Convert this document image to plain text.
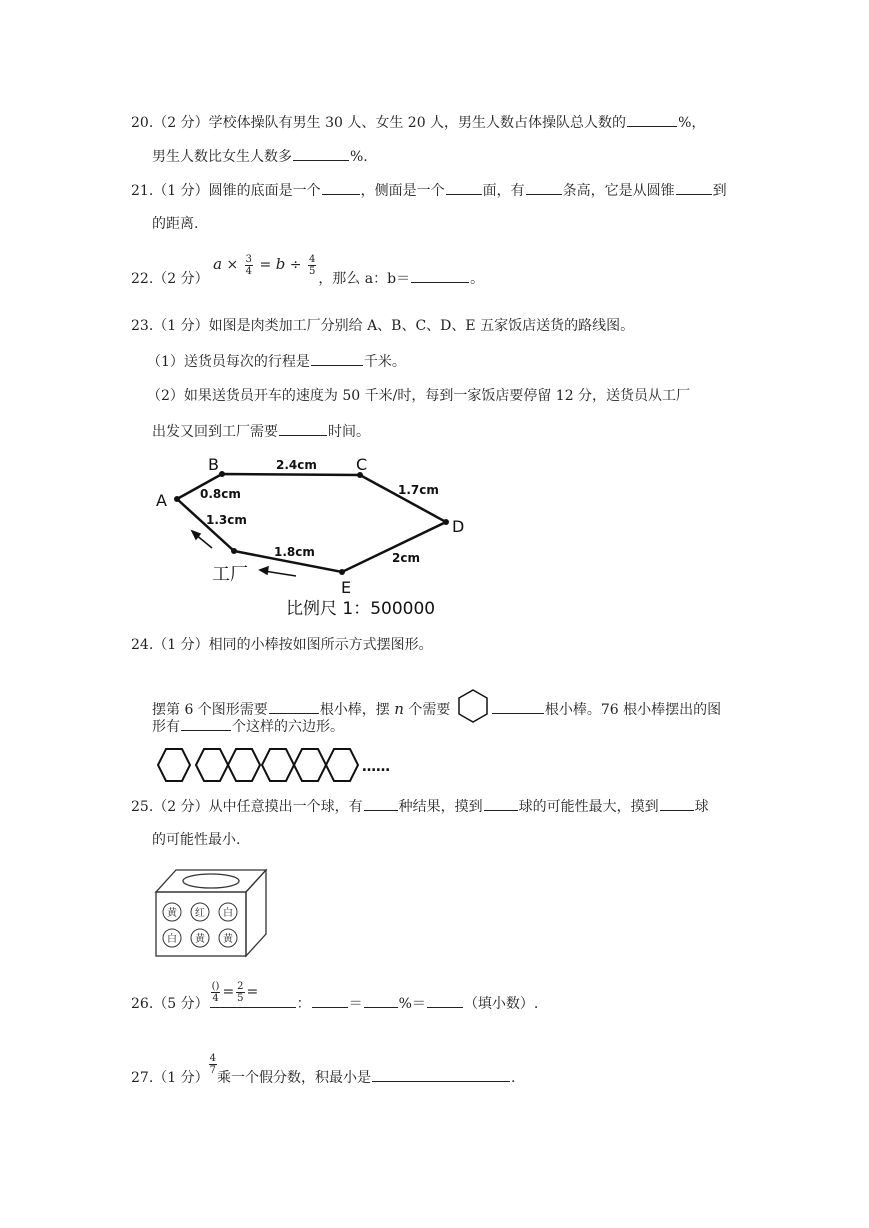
20.（2 分）学校体操队有男生 30 人、女生 20 人，男生人数占体操队总人数的	%，
男生人数比女生人数多	%.
21.（1 分）圆锥的底面是一个	，侧面是一个	面，有	条高，它是从圆锥	到
的距离.
22.（2 分） $a \times \frac{3}{4} = b \div \frac{4}{5}$
，那么 a：b＝	。
23.（1 分）如图是肉类加工厂分别给 A、B、C、D、E 五家饭店送货的路线图。
（1）送货员每次的行程是	千米。
（2）如果送货员开车的速度为 50 千米/时，每到一家饭店要停留 12 分，送货员从工厂
出发又回到工厂需要	时间。
A
B	C
D
E
0.8cm
2.4cm
1.7cm
2cm
1.8cm
1.3cm
工厂
比例尺 1：500000
24.（1 分）相同的小棒按如图所示方式摆图形。
摆第 6 个图形需要	根小棒，摆 n 个需要	根小棒。76 根小棒摆出的图
形有	个这样的六边形。
……
25.（2 分）从中任意摸出一个球，有	种结果，摸到	球的可能性最大，摸到	球
的可能性最小.
黄 红 白
白 黄 黄
26.（5 分）
$\frac{()}{4} = \frac{2}{5}$ =
：	＝	%＝	（填小数）.
27.（1 分）
$\frac{4}{7}$
乘一个假分数，积最小是	.
